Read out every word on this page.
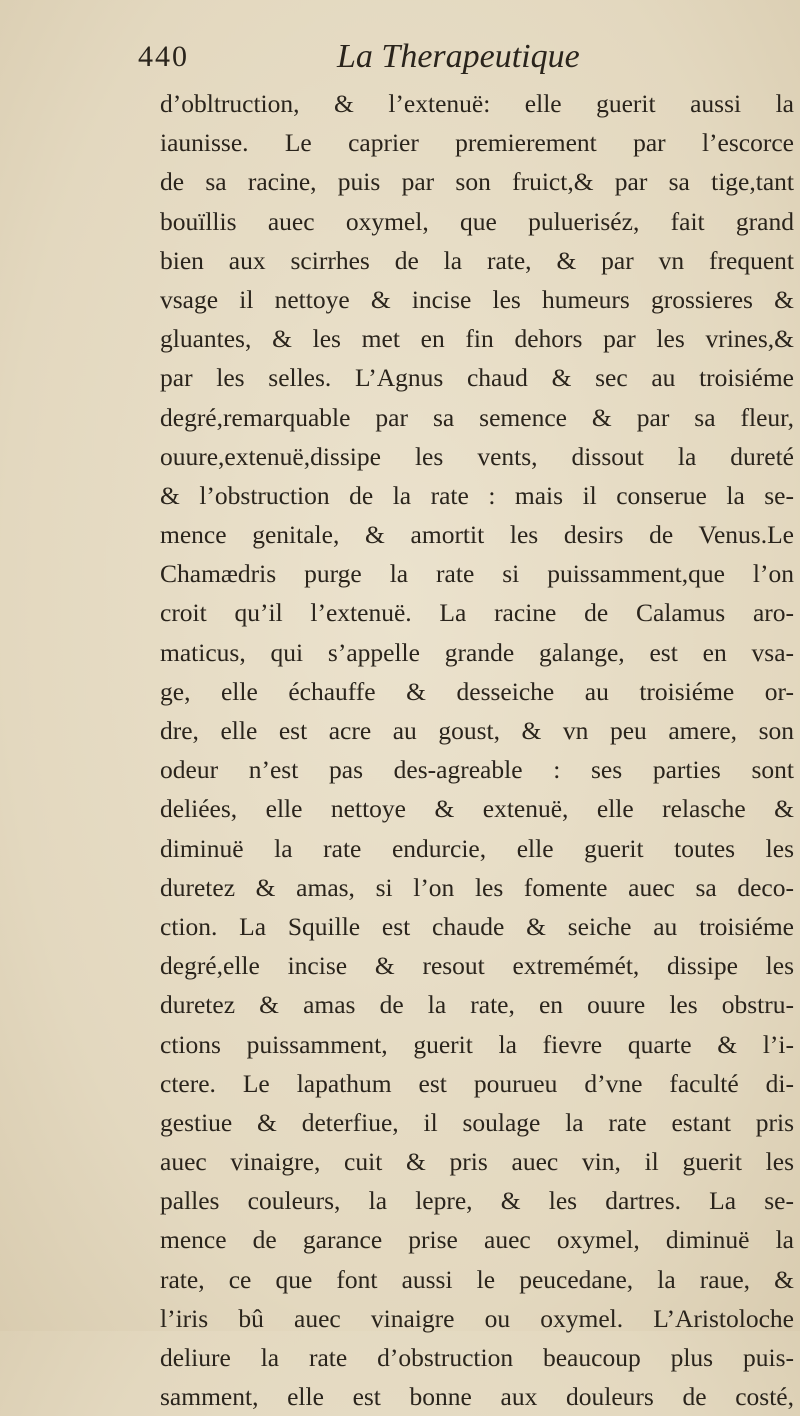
440	La Therapeutique
d’obltruction, & l’extenuë: elle guerit aussi la
iaunisse. Le caprier premierement par l’escorce
de sa racine, puis par son fruict,& par sa tige,tant
bouïllis auec oxymel, que pulueriséz, fait grand
bien aux scirrhes de la rate, & par vn frequent
vsage il nettoye & incise les humeurs grossieres &
gluantes, & les met en fin dehors par les vrines,&
par les selles. L’Agnus chaud & sec au troisiéme
degré,remarquable par sa semence & par sa fleur,
ouure,extenuë,dissipe les vents, dissout la dureté
& l’obstruction de la rate : mais il conserue la se-
mence genitale, & amortit les desirs de Venus.Le
Chamædris purge la rate si puissamment,que l’on
croit qu’il l’extenuë. La racine de Calamus aro-
maticus, qui s’appelle grande galange, est en vsa-
ge, elle échauffe & desseiche au troisiéme or-
dre, elle est acre au goust, & vn peu amere, son
odeur n’est pas des-agreable : ses parties sont
deliées, elle nettoye & extenuë, elle relasche &
diminuë la rate endurcie, elle guerit toutes les
duretez & amas, si l’on les fomente auec sa deco-
ction. La Squille est chaude & seiche au troisiéme
degré,elle incise & resout extremémét, dissipe les
duretez & amas de la rate, en ouure les obstru-
ctions puissamment, guerit la fievre quarte & l’i-
ctere. Le lapathum est pourueu d’vne faculté di-
gestiue & deterfiue, il soulage la rate estant pris
auec vinaigre, cuit & pris auec vin, il guerit les
palles couleurs, la lepre, & les dartres. La se-
mence de garance prise auec oxymel, diminuë la
rate, ce que font aussi le peucedane, la raue, &
l’iris bû auec vinaigre ou oxymel. L’Aristoloche
deliure la rate d’obstruction beaucoup plus puis-
samment, elle est bonne aux douleurs de costé,
